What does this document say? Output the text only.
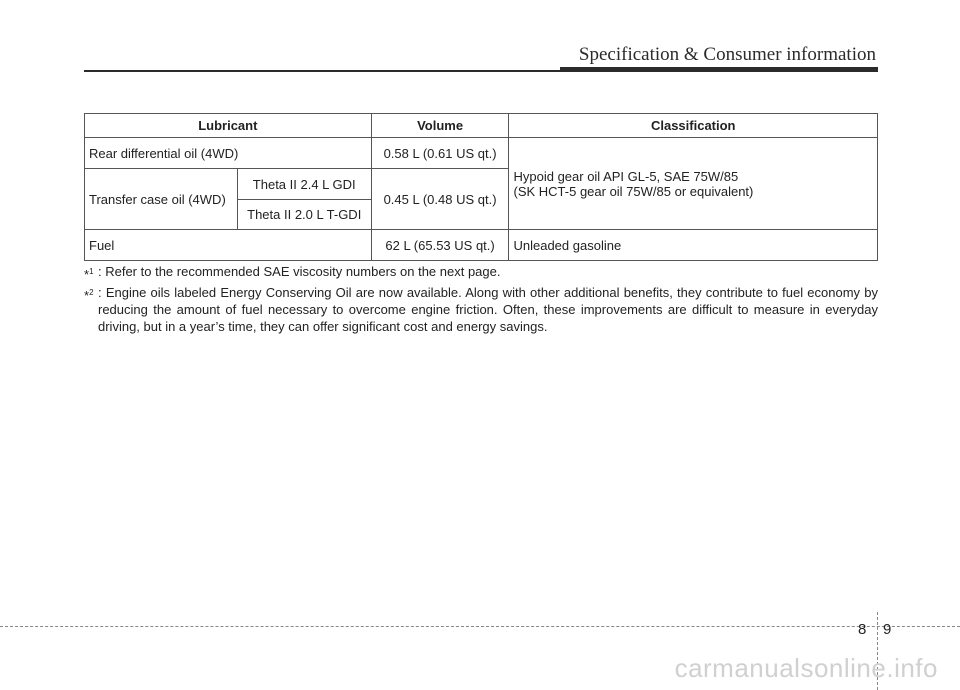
Specification & Consumer information
Lubricant		Volume	Classification
Rear differential oil (4WD)		0.58 L (0.61 US qt.)	Hypoid gear oil API GL-5, SAE 75W/85
(SK HCT-5 gear oil 75W/85 or equivalent)

Transfer case oil (4WD)	Theta II 2.4 L GDI	0.45 L (0.48 US qt.)	
	Theta II 2.0 L T-GDI		
Fuel		62 L (65.53 US qt.)	Unleaded gasoline
*$^1$ : Refer to the recommended SAE viscosity numbers on the next page.
*$^2$ : Engine oils labeled Energy Conserving Oil are now available. Along with other additional benefits, they contribute to fuel economy by reducing the amount of fuel necessary to overcome engine friction. Often, these improvements are difficult to measure in everyday driving, but in a year’s time, they can offer significant cost and energy savings.
8 9
carmanualsonline.info
